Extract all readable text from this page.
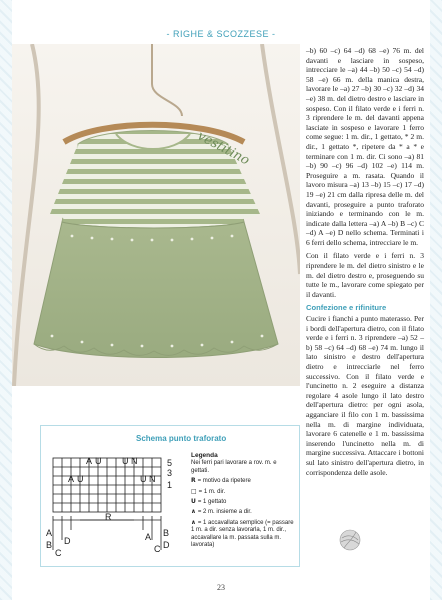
- RIGHE & SCOZZESE -
vestitino

–b) 60 –c) 64 –d) 68 –e) 76 m. del davanti e lasciare in sospeso, intrecciare le –a) 44 –b) 50 –c) 54 –d) 58 –e) 66 m. della manica destra, lavorare le –a) 27 –b) 30 –c) 32 –d) 34 –e) 38 m. del dietro destro e lasciare in sospeso. Con il filato verde e i ferri n. 3 riprendere le m. del davanti appena lasciate in sospeso e lavorare 1 ferro come segue: 1 m. dir., 1 gettato, * 2 m. dir., 1 gettato *, ripetere da * a * e terminare con 1 m. dir. Ci sono –a) 81 –b) 90 –c) 96 –d) 102 –e) 114 m. Proseguire a m. rasata. Quando il lavoro misura –a) 13 –b) 15 –c) 17 –d) 19 –e) 21 cm dalla ripresa delle m. del davanti, proseguire a punto traforato iniziando e terminando con le m. indicate dalla lettera –a) A –b) B –c) C –d) A –e) D nello schema. Terminati i 6 ferri dello schema, intrecciare le m.

Con il filato verde e i ferri n. 3 riprendere le m. del dietro sinistro e le m. del dietro destro e, proseguendo su tutte le m., lavorare come spiegato per il davanti.

Confezione e rifiniture

Cucire i fianchi a punto materasso. Per i bordi dell'apertura dietro, con il filato verde e i ferri n. 3 riprendere –a) 52 –b) 58 –c) 64 –d) 68 –e) 74 m. lungo il lato sinistro e destro dell'apertura dietro e intrecciarle nel ferro successivo. Con il filato verde e l'uncinetto n. 2 eseguire a distanza regolare 4 asole lungo il lato destro dell'apertura dietro: per ogni asola, agganciare il filo con 1 m. bassissima nella m. di margine individuata, lavorare 6 catenelle e 1 m. bassissima inserendo l'uncinetto nella m. di margine successiva. Attaccare i bottoni sul lato sinistro dell'apertura dietro, in corrispondenza delle asole.

Schema punto traforato
A U U N
A U	U N
R
B
A
C
D	A
C
B
D
5
3
1
Legenda
Nei ferri pari lavorare a rov. m. e gettati.
R = motivo da ripetere
□ = 1 m. dir.
U = 1 gettato
∧ = 2 m. insieme a dir.
∧ = 1 accavallata semplice (= passare 1 m. a dir. senza lavorarla, 1 m. dir., accavallare la m. passata sulla m. lavorata)
23
